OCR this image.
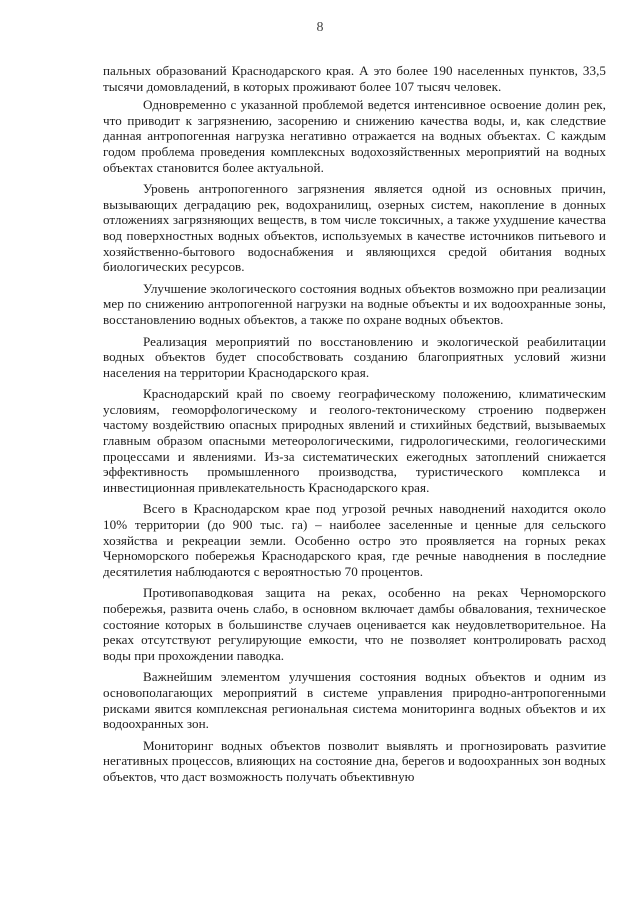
8

пальных образований Краснодарского края. А это более 190 населенных пунктов, 33,5 тысячи домовладений, в которых проживают более 107 тысяч человек.

Одновременно с указанной проблемой ведется интенсивное освоение долин рек, что приводит к загрязнению, засорению и снижению качества воды, и, как следствие данная антропогенная нагрузка негативно отражается на водных объектах. С каждым годом проблема проведения комплексных водохозяйственных мероприятий на водных объектах становится более актуальной.

Уровень антропогенного загрязнения является одной из основных причин, вызывающих деградацию рек, водохранилищ, озерных систем, накопление в донных отложениях загрязняющих веществ, в том числе токсичных, а также ухудшение качества вод поверхностных водных объектов, используемых в качестве источников питьевого и хозяйственно-бытового водоснабжения и являющихся средой обитания водных биологических ресурсов.

Улучшение экологического состояния водных объектов возможно при реализации мер по снижению антропогенной нагрузки на водные объекты и их водоохранные зоны, восстановлению водных объектов, а также по охране водных объектов.

Реализация мероприятий по восстановлению и экологической реабилитации водных объектов будет способствовать созданию благоприятных условий жизни населения на территории Краснодарского края.

Краснодарский край по своему географическому положению, климатическим условиям, геоморфологическому и геолого-тектоническому строению подвержен частому воздействию опасных природных явлений и стихийных бедствий, вызываемых главным образом опасными метеорологическими, гидрологическими, геологическими процессами и явлениями. Из-за систематических ежегодных затоплений снижается эффективность промышленного производства, туристического комплекса и инвестиционная привлекательность Краснодарского края.

Всего в Краснодарском крае под угрозой речных наводнений находится около 10% территории (до 900 тыс. га) – наиболее заселенные и ценные для сельского хозяйства и рекреации земли. Особенно остро это проявляется на горных реках Черноморского побережья Краснодарского края, где речные наводнения в последние десятилетия наблюдаются с вероятностью 70 процентов.

Противопаводковая защита на реках, особенно на реках Черноморского побережья, развита очень слабо, в основном включает дамбы обвалования, техническое состояние которых в большинстве случаев оценивается как неудовлетворительное. На реках отсутствуют регулирующие емкости, что не позволяет контролировать расход воды при прохождении паводка.

Важнейшим элементом улучшения состояния водных объектов и одним из основополагающих мероприятий в системе управления природно-антропогенными рисками явится комплексная региональная система мониторинга водных объектов и их водоохранных зон.

Мониторинг водных объектов позволит выявлять и прогнозировать разvитие негативных процессов, влияющих на состояние дна, берегов и водоохранных зон водных объектов, что даст возможность получать объективную
